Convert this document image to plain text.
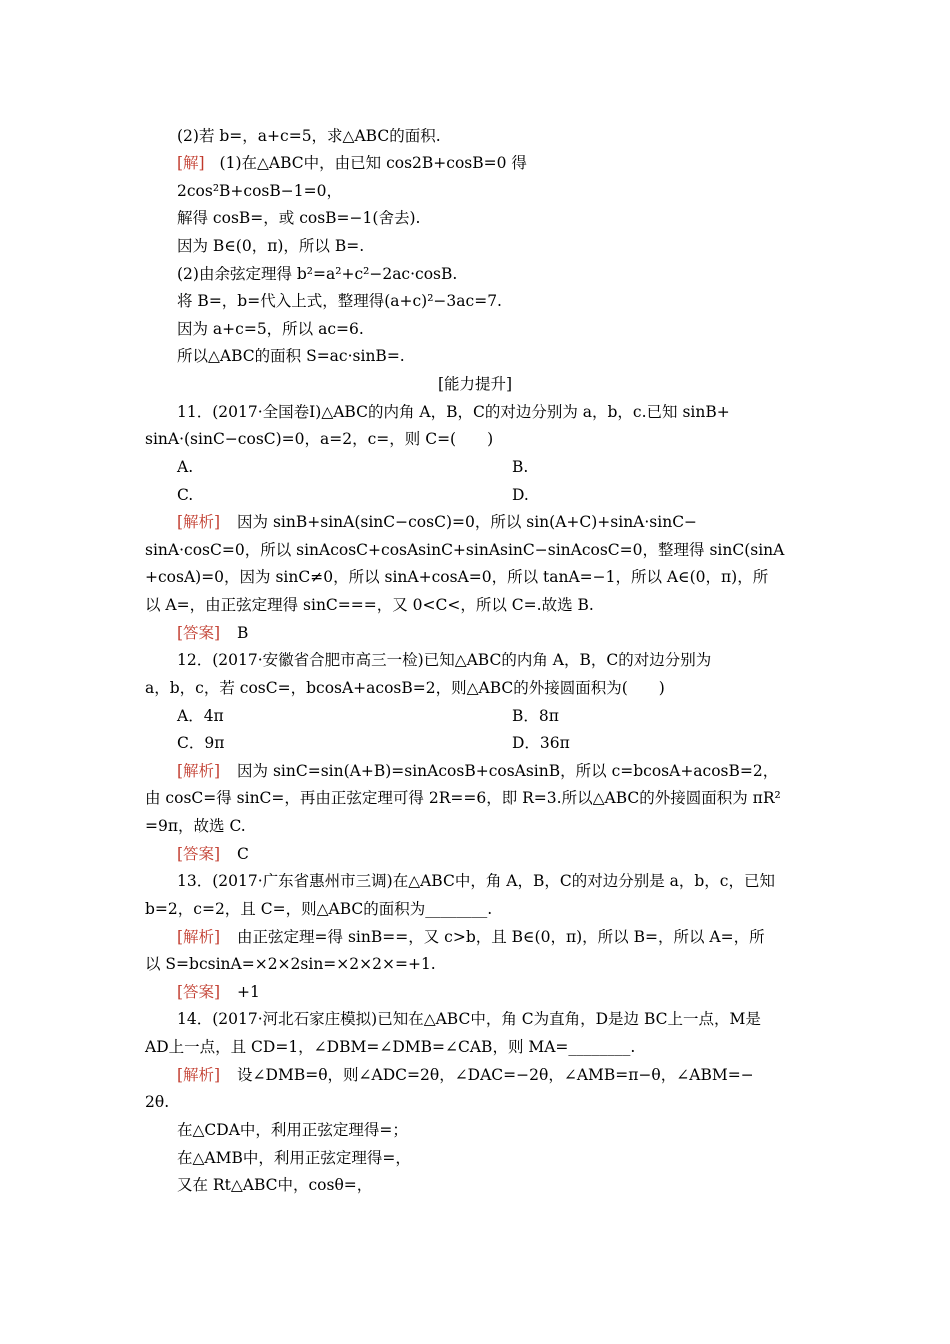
(2)若 b=，a+c=5，求△ABC的面积.
[解] (1)在△ABC中，由已知 cos2B+cosB=0 得
2cos²B+cosB−1=0，
解得 cosB=，或 cosB=−1(舍去).
因为 B∈(0，π)，所以 B=.
(2)由余弦定理得 b²=a²+c²−2ac·cosB.
将 B=，b=代入上式，整理得(a+c)²−3ac=7.
因为 a+c=5，所以 ac=6.
所以△ABC的面积 S=ac·sinB=.
[能力提升]
11．(2017·全国卷Ⅰ)△ABC的内角 A，B，C的对边分别为 a，b，c.已知 sinB+
sinA·(sinC−cosC)=0，a=2，c=，则 C=(　　)
A.	B.
C.	D.
[解析] 因为 sinB+sinA(sinC−cosC)=0，所以 sin(A+C)+sinA·sinC−
sinA·cosC=0，所以 sinAcosC+cosAsinC+sinAsinC−sinAcosC=0，整理得 sinC(sinA
+cosA)=0，因为 sinC≠0，所以 sinA+cosA=0，所以 tanA=−1，所以 A∈(0，π)，所
以 A=，由正弦定理得 sinC===，又 0<C<，所以 C=.故选 B.
[答案] B
12．(2017·安徽省合肥市高三一检)已知△ABC的内角 A，B，C的对边分别为
a，b，c，若 cosC=，bcosA+acosB=2，则△ABC的外接圆面积为(　　)
A．4π	B．8π
C．9π	D．36π
[解析] 因为 sinC=sin(A+B)=sinAcosB+cosAsinB，所以 c=bcosA+acosB=2，
由 cosC=得 sinC=，再由正弦定理可得 2R==6，即 R=3.所以△ABC的外接圆面积为 πR²
=9π，故选 C.
[答案] C
13．(2017·广东省惠州市三调)在△ABC中，角 A，B，C的对边分别是 a，b，c，已知
b=2，c=2，且 C=，则△ABC的面积为________.
[解析] 由正弦定理=得 sinB==，又 c>b，且 B∈(0，π)，所以 B=，所以 A=，所
以 S=bcsinA=×2×2sin=×2×2×=+1.
[答案] +1
14．(2017·河北石家庄模拟)已知在△ABC中，角 C为直角，D是边 BC上一点，M是
AD上一点，且 CD=1，∠DBM=∠DMB=∠CAB，则 MA=________.
[解析] 设∠DMB=θ，则∠ADC=2θ，∠DAC=−2θ，∠AMB=π−θ，∠ABM=−
2θ.
在△CDA中，利用正弦定理得=；
在△AMB中，利用正弦定理得=，
又在 Rt△ABC中，cosθ=，
